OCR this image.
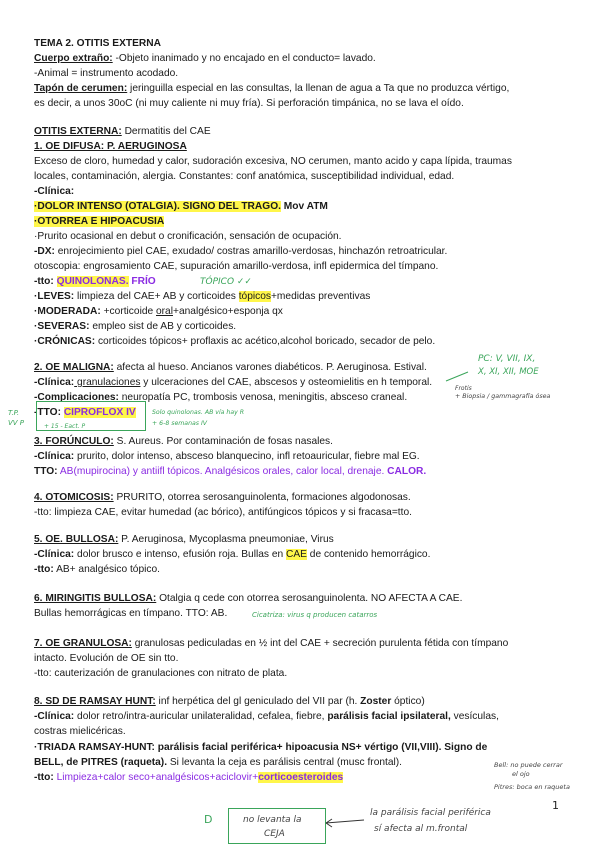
TEMA 2. OTITIS EXTERNA
Cuerpo extraño: -Objeto inanimado y no encajado en el conducto= lavado.
-Animal = instrumento acodado.
Tapón de cerumen: jeringuilla especial en las consultas, la llenan de agua a Ta que no produzca vértigo,
es decir, a unos 30oC (ni muy caliente ni muy fría). Si perforación timpánica, no se lava el oído.
OTITIS EXTERNA: Dermatitis del CAE
1. OE DIFUSA: P. AERUGINOSA
Exceso de cloro, humedad y calor, sudoración excesiva, NO cerumen, manto acido y capa lípida, traumas
locales, contaminación, alergia. Constantes: conf anatómica, susceptibilidad individual, edad.
-Clínica:
·DOLOR INTENSO (OTALGIA). SIGNO DEL TRAGO. Mov ATM
·OTORREA E HIPOACUSIA
·Prurito ocasional en debut o cronificación, sensación de ocupación.
-DX: enrojecimiento piel CAE, exudado/ costras amarillo-verdosas, hinchazón retroatricular.
otoscopia: engrosamiento CAE, supuración amarillo-verdosa, infl epidermica del tímpano.
-tto: QUINOLONAS. FRÍO	TÓPICO ✓✓
·LEVES: limpieza del CAE+ AB y corticoides tópicos+medidas preventivas
·MODERADA: +corticoide oral+analgésico+esponja qx
·SEVERAS: empleo sist de AB y corticoides.
·CRÓNICAS: corticoides tópicos+ proflaxis ac acético,alcohol boricado, secador de pelo.
2. OE MALIGNA: afecta al hueso. Ancianos varones diabéticos. P. Aeruginosa. Estival.
-Clínica: granulaciones y ulceraciones del CAE, abscesos y osteomielitis en h temporal.
-Complicaciones: neuropatía PC, trombosis venosa, meningitis, absceso craneal.
-TTO: CIPROFLOX IV
PC: V, VII, IX,
X, XI, XII, MOE
Frotis
+ Biopsia / gammagrafía ósea
Solo quinolonas. AB vía hay R
+ 6-8 semanas IV
T.P.
VV P	+ 15 - Eact. P
3. FORÚNCULO: S. Aureus. Por contaminación de fosas nasales.
-Clínica: prurito, dolor intenso, absceso blanquecino, infl retoauricular, fiebre mal EG.
TTO: AB(mupirocina) y antiifl tópicos. Analgésicos orales, calor local, drenaje. CALOR.
4. OTOMICOSIS: PRURITO, otorrea serosanguinolenta, formaciones algodonosas.
-tto: limpieza CAE, evitar humedad (ac bórico), antifúngicos tópicos y si fracasa=tto.
5. OE. BULLOSA: P. Aeruginosa, Mycoplasma pneumoniae, Virus
-Clínica: dolor brusco e intenso, efusión roja. Bullas en CAE de contenido hemorrágico.
-tto: AB+ analgésico tópico.
6. MIRINGITIS BULLOSA: Otalgia q cede con otorrea serosanguinolenta. NO AFECTA A CAE.
Bullas hemorrágicas en tímpano. TTO: AB.	Cicatriza: virus q producen catarros
7. OE GRANULOSA: granulosas pediculadas en ½ int del CAE + secreción purulenta fétida con tímpano
intacto. Evolución de OE sin tto.
-tto: cauterización de granulaciones con nitrato de plata.
8. SD DE RAMSAY HUNT: inf herpética del gl geniculado del VII par (h. Zoster óptico)
-Clínica: dolor retro/intra-auricular unilateralidad, cefalea, fiebre, parálisis facial ipsilateral, vesículas,
costras mielicéricas.
·TRIADA RAMSAY-HUNT: parálisis facial periférica+ hipoacusia NS+ vértigo (VII,VIII). Signo de
BELL, de PITRES (raqueta). Si levanta la ceja es parálisis central (musc frontal).
-tto: Limpieza+calor seco+analgésicos+aciclovir+corticoesteroides
Bell: no puede cerrar
el ojo
Pitres: boca en raqueta
1
no levanta la
CEJA
D	la parálisis facial periférica
sí afecta al m.frontal
